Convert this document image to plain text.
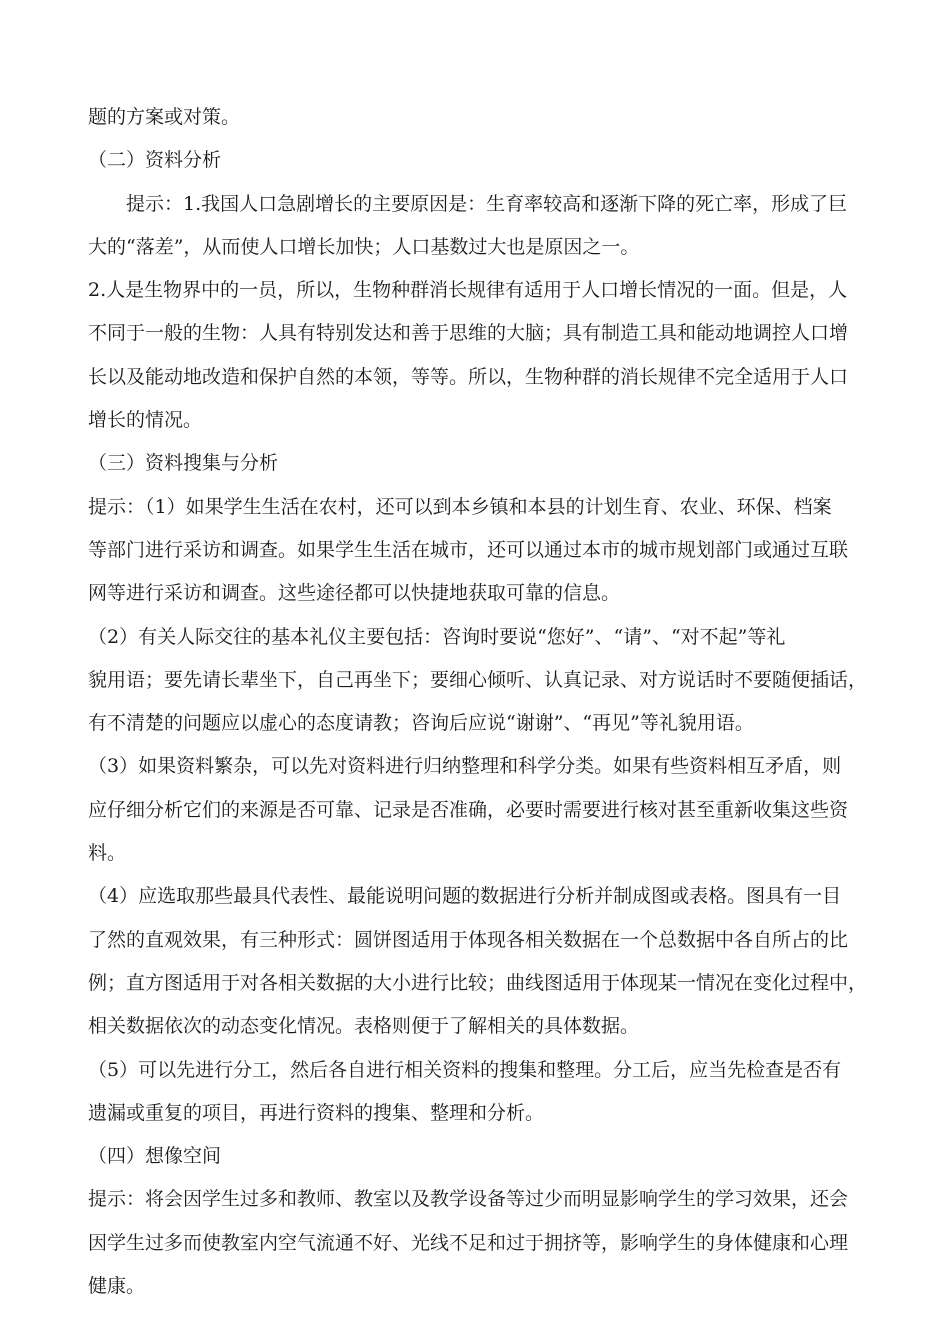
题的方案或对策。
（二）资料分析
提示：1.我国人口急剧增长的主要原因是：生育率较高和逐渐下降的死亡率，形成了巨
大的“落差”，从而使人口增长加快；人口基数过大也是原因之一。
2.人是生物界中的一员，所以，生物种群消长规律有适用于人口增长情况的一面。但是，人
不同于一般的生物：人具有特别发达和善于思维的大脑；具有制造工具和能动地调控人口增
长以及能动地改造和保护自然的本领，等等。所以，生物种群的消长规律不完全适用于人口
增长的情况。
（三）资料搜集与分析
提示：（1）如果学生生活在农村，还可以到本乡镇和本县的计划生育、农业、环保、档案
等部门进行采访和调查。如果学生生活在城市，还可以通过本市的城市规划部门或通过互联
网等进行采访和调查。这些途径都可以快捷地获取可靠的信息。
（2）有关人际交往的基本礼仪主要包括：咨询时要说“您好”、“请”、“对不起”等礼
貌用语；要先请长辈坐下，自己再坐下；要细心倾听、认真记录、对方说话时不要随便插话，
有不清楚的问题应以虚心的态度请教；咨询后应说“谢谢”、“再见”等礼貌用语。
（3）如果资料繁杂，可以先对资料进行归纳整理和科学分类。如果有些资料相互矛盾，则
应仔细分析它们的来源是否可靠、记录是否准确，必要时需要进行核对甚至重新收集这些资
料。
（4）应选取那些最具代表性、最能说明问题的数据进行分析并制成图或表格。图具有一目
了然的直观效果，有三种形式：圆饼图适用于体现各相关数据在一个总数据中各自所占的比
例；直方图适用于对各相关数据的大小进行比较；曲线图适用于体现某一情况在变化过程中，
相关数据依次的动态变化情况。表格则便于了解相关的具体数据。
（5）可以先进行分工，然后各自进行相关资料的搜集和整理。分工后，应当先检查是否有
遗漏或重复的项目，再进行资料的搜集、整理和分析。
（四）想像空间
提示：将会因学生过多和教师、教室以及教学设备等过少而明显影响学生的学习效果，还会
因学生过多而使教室内空气流通不好、光线不足和过于拥挤等，影响学生的身体健康和心理
健康。
